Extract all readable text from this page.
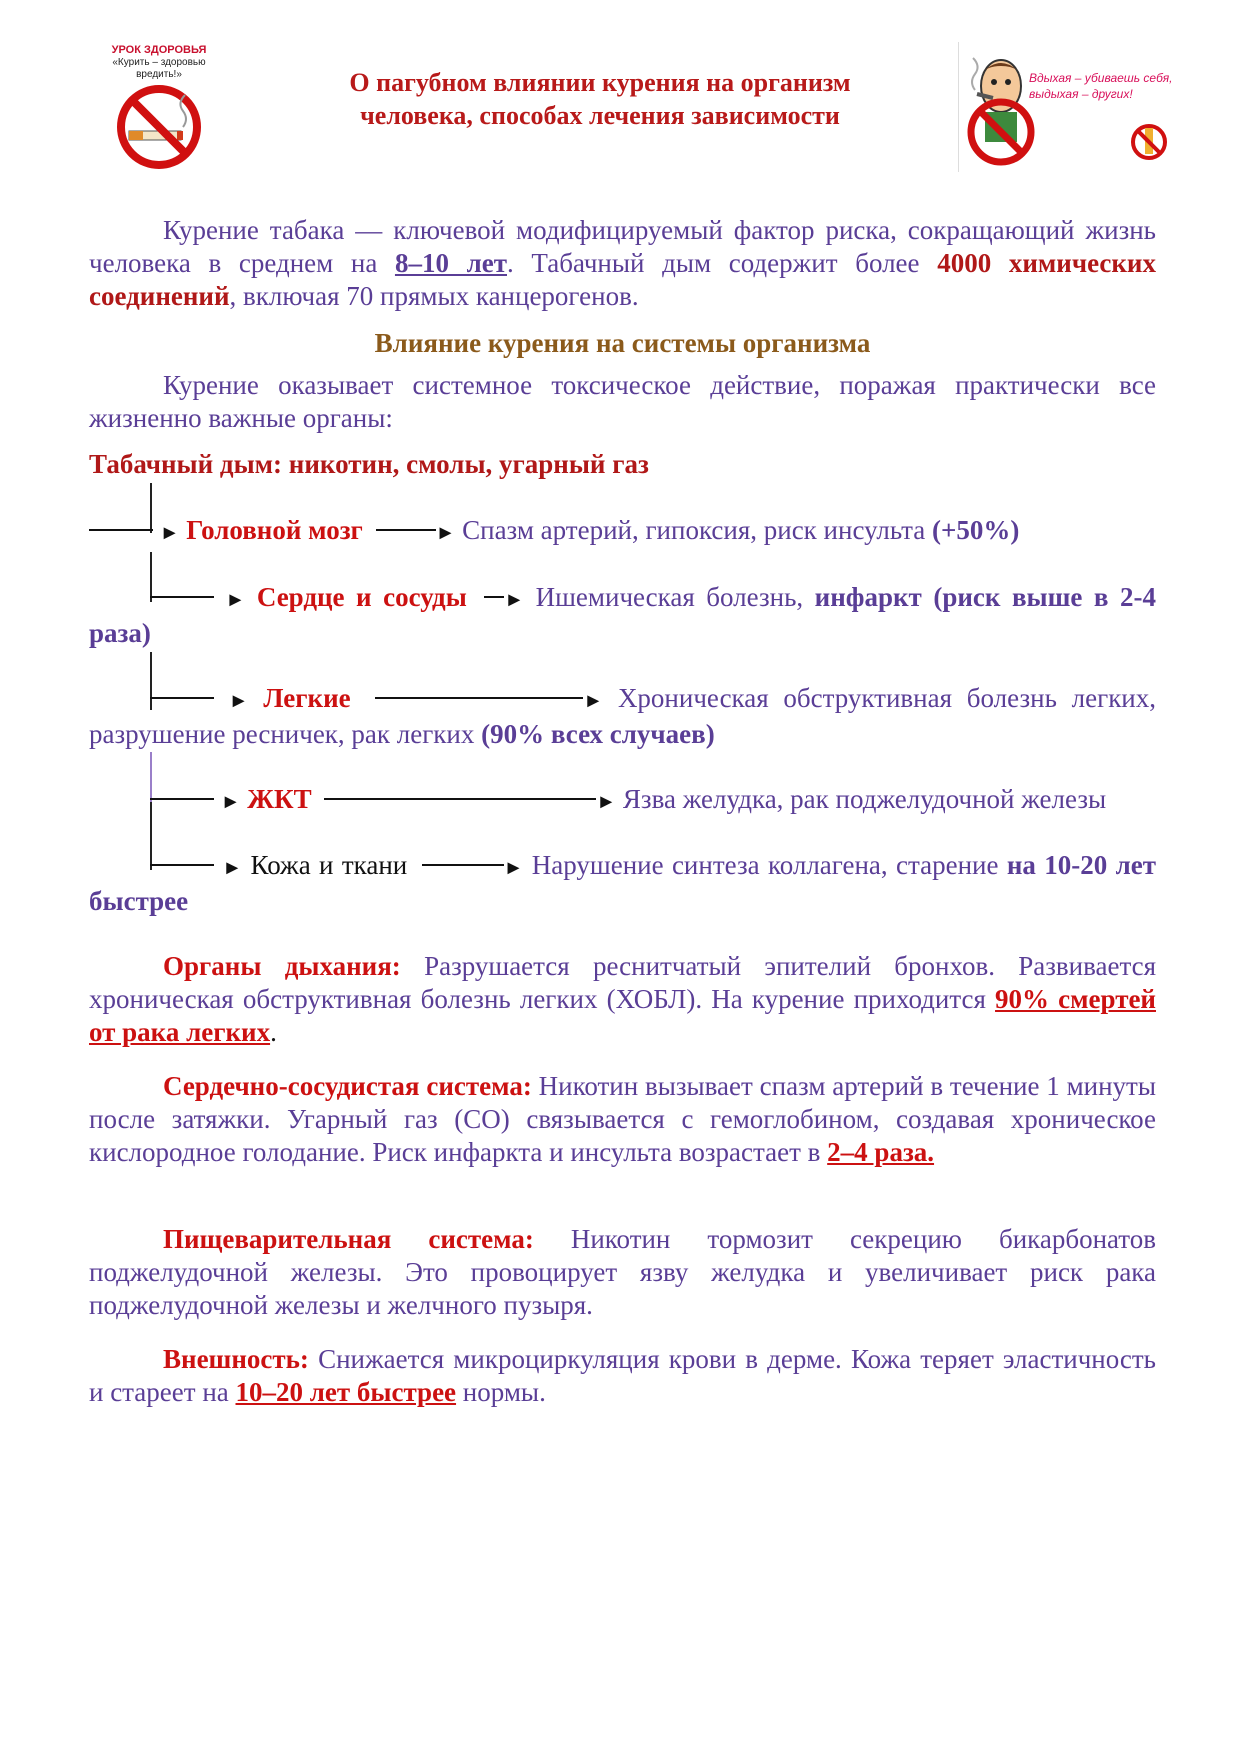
УРОК ЗДОРОВЬЯ
«Курить – здоровью
вредить!»	О пагубном влиянии курения на организм
человека, способах лечения зависимости
Вдыхая – убиваешь себя,
выдыхая – других!
Курение табака — ключевой модифицируемый фактор риска, сокращающий жизнь человека в среднем на 8–10 лет. Табачный дым содержит более 4000 химических соединений, включая 70 прямых канцерогенов.
Влияние курения на системы организма
Курение оказывает системное токсическое действие, поражая практически все жизненно важные органы:
Табачный дым: никотин, смолы, угарный газ
► Головной мозг	► Спазм артерий, гипоксия, риск инсульта (+50%)
► Сердце и сосуды ► Ишемическая болезнь, инфаркт (риск выше в 2-4 раза)
► Легкие	► Хроническая обструктивная болезнь легких, разрушение ресничек, рак легких (90% всех случаев)
► ЖКТ	► Язва желудка, рак поджелудочной железы
► Кожа и ткани	► Нарушение синтеза коллагена, старение на 10-20 лет быстрее
Органы дыхания: Разрушается реснитчатый эпителий бронхов. Развивается хроническая обструктивная болезнь легких (ХОБЛ). На курение приходится 90% смертей от рака легких.
Сердечно-сосудистая система: Никотин вызывает спазм артерий в течение 1 минуты после затяжки. Угарный газ (СО) связывается с гемоглобином, создавая хроническое кислородное голодание. Риск инфаркта и инсульта возрастает в 2–4 раза.
Пищеварительная система: Никотин тормозит секрецию бикарбонатов поджелудочной железы. Это провоцирует язву желудка и увеличивает риск рака поджелудочной железы и желчного пузыря.
Внешность: Снижается микроциркуляция крови в дерме. Кожа теряет эластичность и стареет на 10–20 лет быстрее нормы.
